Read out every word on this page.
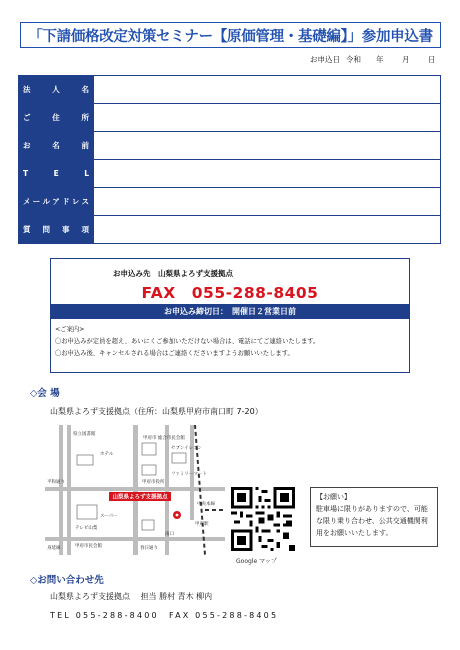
「下請価格改定対策セミナー【原価管理・基礎編】」参加申込書
お申込日 令和 年 月 日
法 人 名	

ご 住 所	

お 名 前	

T E L	

メールアドレス	

質 問 事 項	

お申込み先　山梨県よろず支援拠点
FAX　055-288-8405
お申込み締切日：　開催日２営業日前
<ご案内>
〇お申込みが定員を超え、あいにくご参加いただけない場合は、電話にてご連絡いたします。
〇お申込み後、キャンセルされる場合はご連絡くださいますようお願いいたします。
◇会 場
山梨県よろず支援拠点（住所：山梨県甲府市南口町 7-20）
県立図書館
甲府市 総合市民会館
ファミリーマート
セブンイレブン
平和通り	甲府市役所
テレビ山梨
甲府駅
身延線	甲府市民会館	春日通り
中央本線
ホテル
スーパー
南口
山梨県よろず支援拠点
Google マップ
【お願い】
駐車場に限りがありますので、可能な限り乗り合わせ、公共交通機関利用をお願いいたします。
◇お問い合わせ先
山梨県よろず支援拠点　 担当 勝村 青木 柳内
TEL 055-288-8400　FAX 055-288-8405
